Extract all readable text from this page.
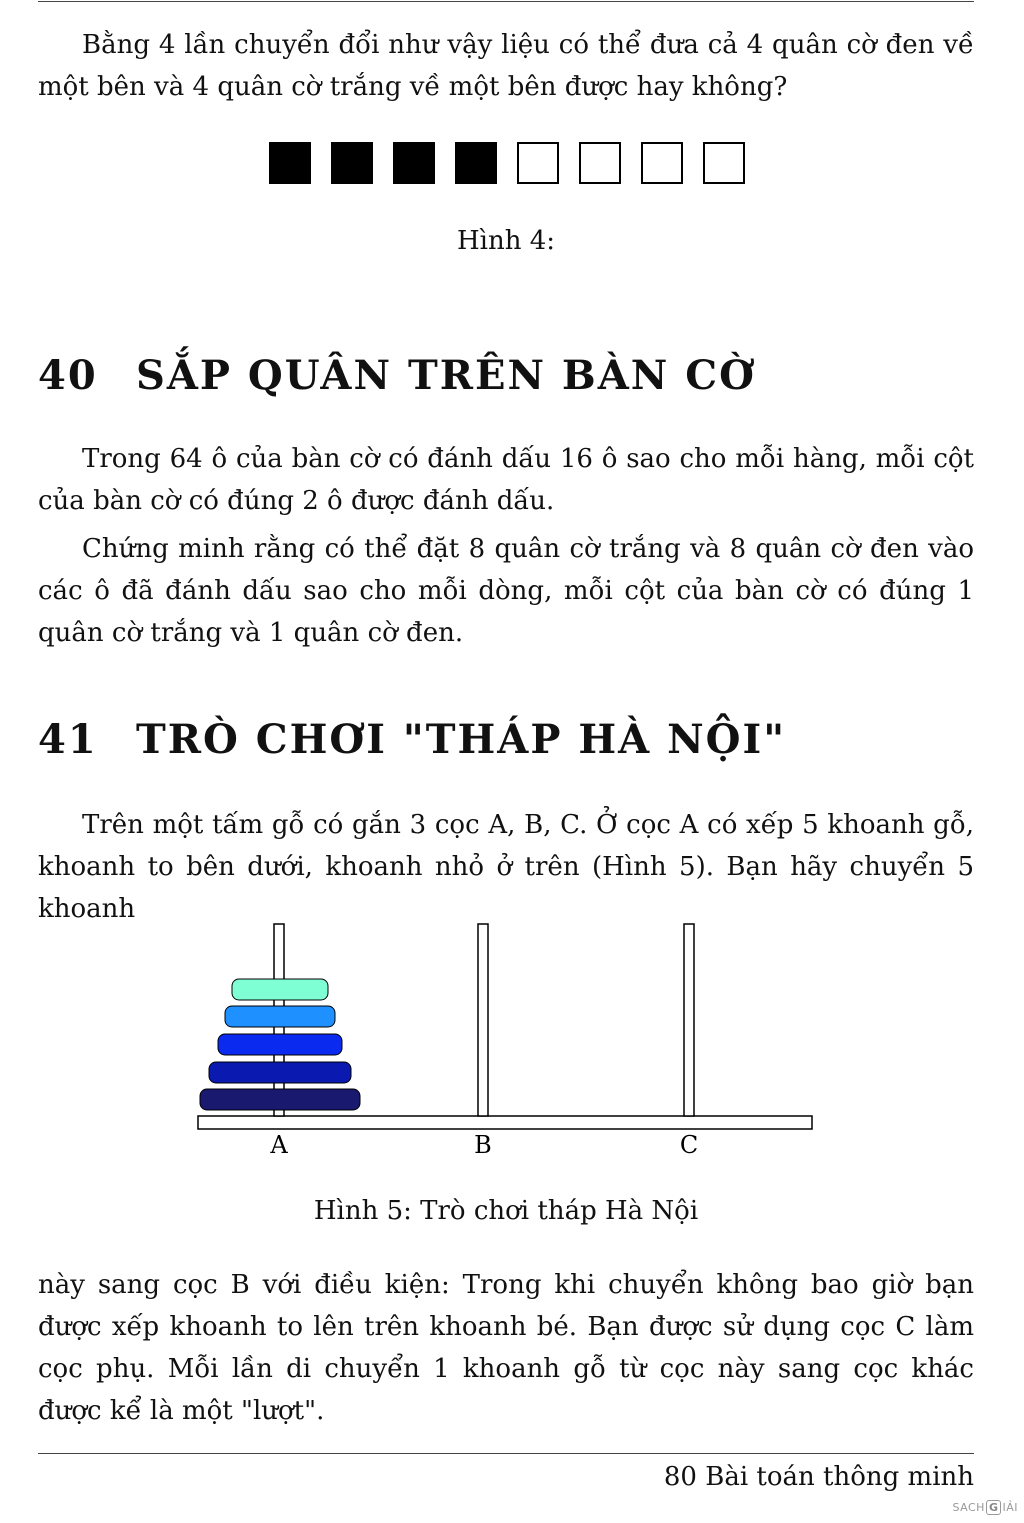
Bằng 4 lần chuyển đổi như vậy liệu có thể đưa cả 4 quân cờ đen về một bên và 4 quân cờ trắng về một bên được hay không?

Hình 4:

40 SẮP QUÂN TRÊN BÀN CỜ

Trong 64 ô của bàn cờ có đánh dấu 16 ô sao cho mỗi hàng, mỗi cột của bàn cờ có đúng 2 ô được đánh dấu.

Chứng minh rằng có thể đặt 8 quân cờ trắng và 8 quân cờ đen vào các ô đã đánh dấu sao cho mỗi dòng, mỗi cột của bàn cờ có đúng 1 quân cờ trắng và 1 quân cờ đen.

41 TRÒ CHƠI "THÁP HÀ NỘI"

Trên một tấm gỗ có gắn 3 cọc A, B, C. Ở cọc A có xếp 5 khoanh gỗ, khoanh to bên dưới, khoanh nhỏ ở trên (Hình 5). Bạn hãy chuyển 5 khoanh

A	B	C

Hình 5: Trò chơi tháp Hà Nội

này sang cọc B với điều kiện: Trong khi chuyển không bao giờ bạn được xếp khoanh to lên trên khoanh bé. Bạn được sử dụng cọc C làm cọc phụ. Mỗi lần di chuyển 1 khoanh gỗ từ cọc này sang cọc khác được kể là một "lượt".

80 Bài toán thông minh
SACH G IẢI
